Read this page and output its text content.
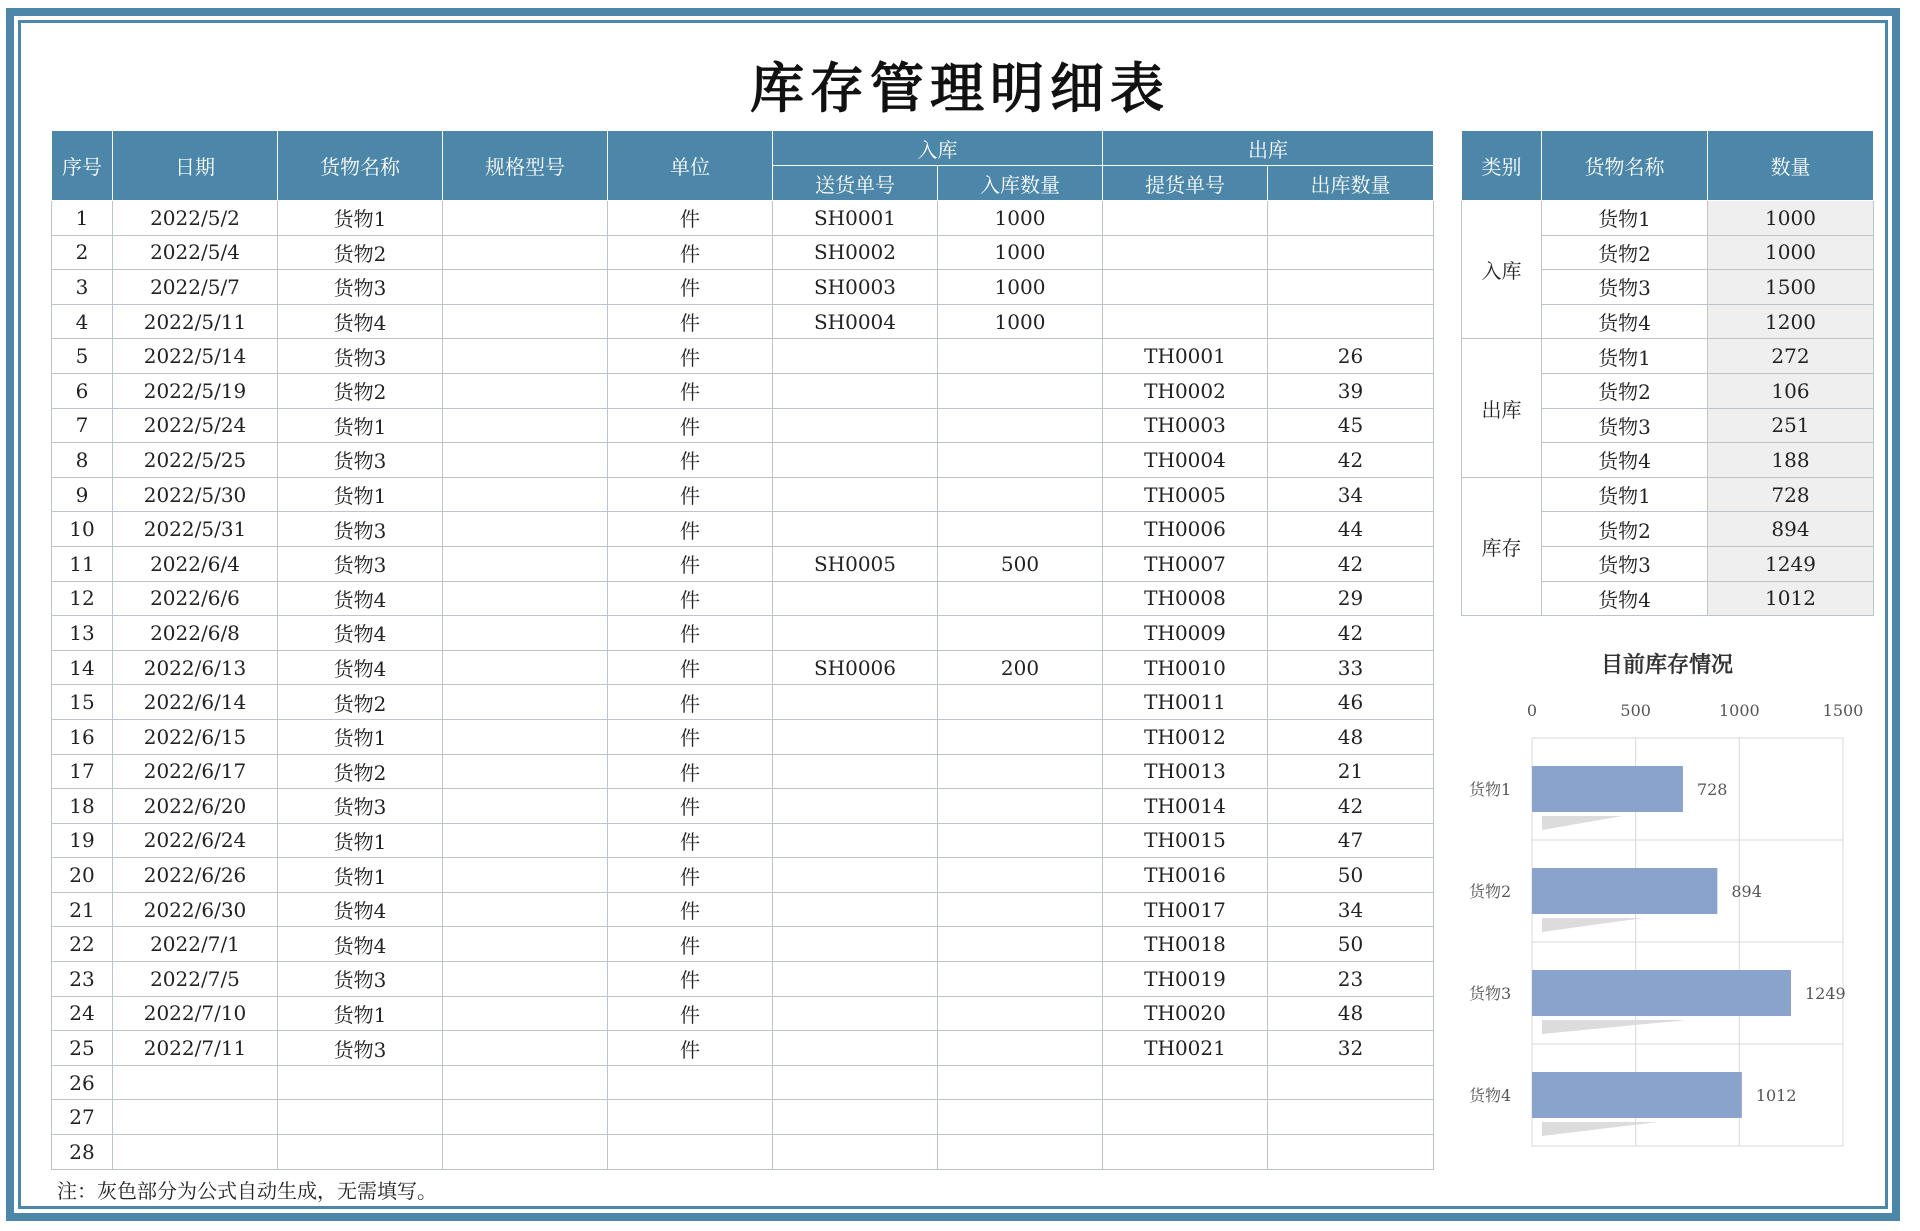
库存管理明细表
序号	日期	货物名称	规格型号	单位	入库		出库	
					送货单号	入库数量	提货单号	出库数量
1	2022/5/2	货物1		件	SH0001	1000		
2	2022/5/4	货物2		件	SH0002	1000		
3	2022/5/7	货物3		件	SH0003	1000		
4	2022/5/11	货物4		件	SH0004	1000		
5	2022/5/14	货物3		件			TH0001	26
6	2022/5/19	货物2		件			TH0002	39
7	2022/5/24	货物1		件			TH0003	45
8	2022/5/25	货物3		件			TH0004	42
9	2022/5/30	货物1		件			TH0005	34
10	2022/5/31	货物3		件			TH0006	44
11	2022/6/4	货物3		件	SH0005	500	TH0007	42
12	2022/6/6	货物4		件			TH0008	29
13	2022/6/8	货物4		件			TH0009	42
14	2022/6/13	货物4		件	SH0006	200	TH0010	33
15	2022/6/14	货物2		件			TH0011	46
16	2022/6/15	货物1		件			TH0012	48
17	2022/6/17	货物2		件			TH0013	21
18	2022/6/20	货物3		件			TH0014	42
19	2022/6/24	货物1		件			TH0015	47
20	2022/6/26	货物1		件			TH0016	50
21	2022/6/30	货物4		件			TH0017	34
22	2022/7/1	货物4		件			TH0018	50
23	2022/7/5	货物3		件			TH0019	23
24	2022/7/10	货物1		件			TH0020	48
25	2022/7/11	货物3		件			TH0021	32
26								
27								
28								
类别	货物名称	数量
入库	货物1	1000
	货物2	1000
	货物3	1500
	货物4	1200
出库	货物1	272
	货物2	106
	货物3	251
	货物4	188
库存	货物1	728
	货物2	894
	货物3	1249
	货物4	1012
目前库存情况
0	500	1000	1500
728
货物1
894
货物2
1249
货物3
1012
货物4
注：灰色部分为公式自动生成，无需填写。
